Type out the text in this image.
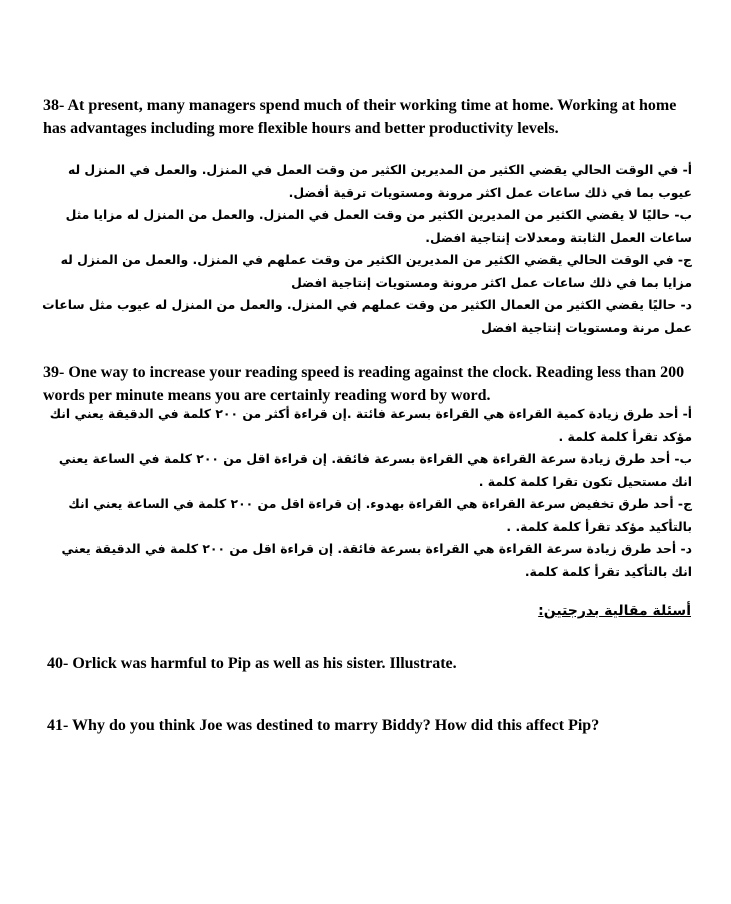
38- At present, many managers spend much of their working time at home. Working at home has advantages including more flexible hours and better productivity levels.

أ- في الوقت الحالي يقضي الكثير من المديرين الكثير من وقت العمل في المنزل. والعمل في المنزل له عيوب بما في ذلك ساعات عمل اكثر مرونة ومستويات ترقية أفضل.

ب- حاليًا لا يقضي الكثير من المديرين الكثير من وقت العمل في المنزل. والعمل من المنزل له مزايا مثل ساعات العمل الثابتة ومعدلات إنتاجية افضل.

ج- في الوقت الحالي يقضي الكثير من المديرين الكثير من وقت عملهم في المنزل. والعمل من المنزل له مزايا بما في ذلك ساعات عمل اكثر مرونة ومستويات إنتاجية افضل

د- حاليًا يقضي الكثير من العمال الكثير من وقت عملهم في المنزل. والعمل من المنزل له عيوب مثل ساعات عمل مرنة ومستويات إنتاجية افضل

39- One way to increase your reading speed is reading against the clock. Reading less than 200 words per minute means you are certainly reading word by word.

أ- أحد طرق زيادة كمية القراءة هي القراءة بسرعة فائتة .إن قراءة أكثر من ٢٠٠ كلمة في الدقيقة يعني انك مؤكد تقرأ كلمة كلمة .

ب- أحد طرق زيادة سرعة القراءة هي القراءة بسرعة فائقة. إن قراءة اقل من ٢٠٠ كلمة في الساعة يعني انك مستحيل تكون تقرا كلمة كلمة .

ج- أحد طرق تخفيض سرعة القراءة هي القراءة بهدوء. إن قراءة اقل من ٢٠٠ كلمة في الساعة يعني انك بالتأكيد مؤكد تقرأ كلمة كلمة. .

د- أحد طرق زيادة سرعة القراءة هي القراءة بسرعة فائقة. إن قراءة اقل من ٢٠٠ كلمة في الدقيقة يعني انك بالتأكيد تقرأ كلمة كلمة.

أسئلة مقالية بدرجتين:
40- Orlick was harmful to Pip as well as his sister. Illustrate.
41- Why do you think Joe was destined to marry Biddy? How did this affect Pip?
